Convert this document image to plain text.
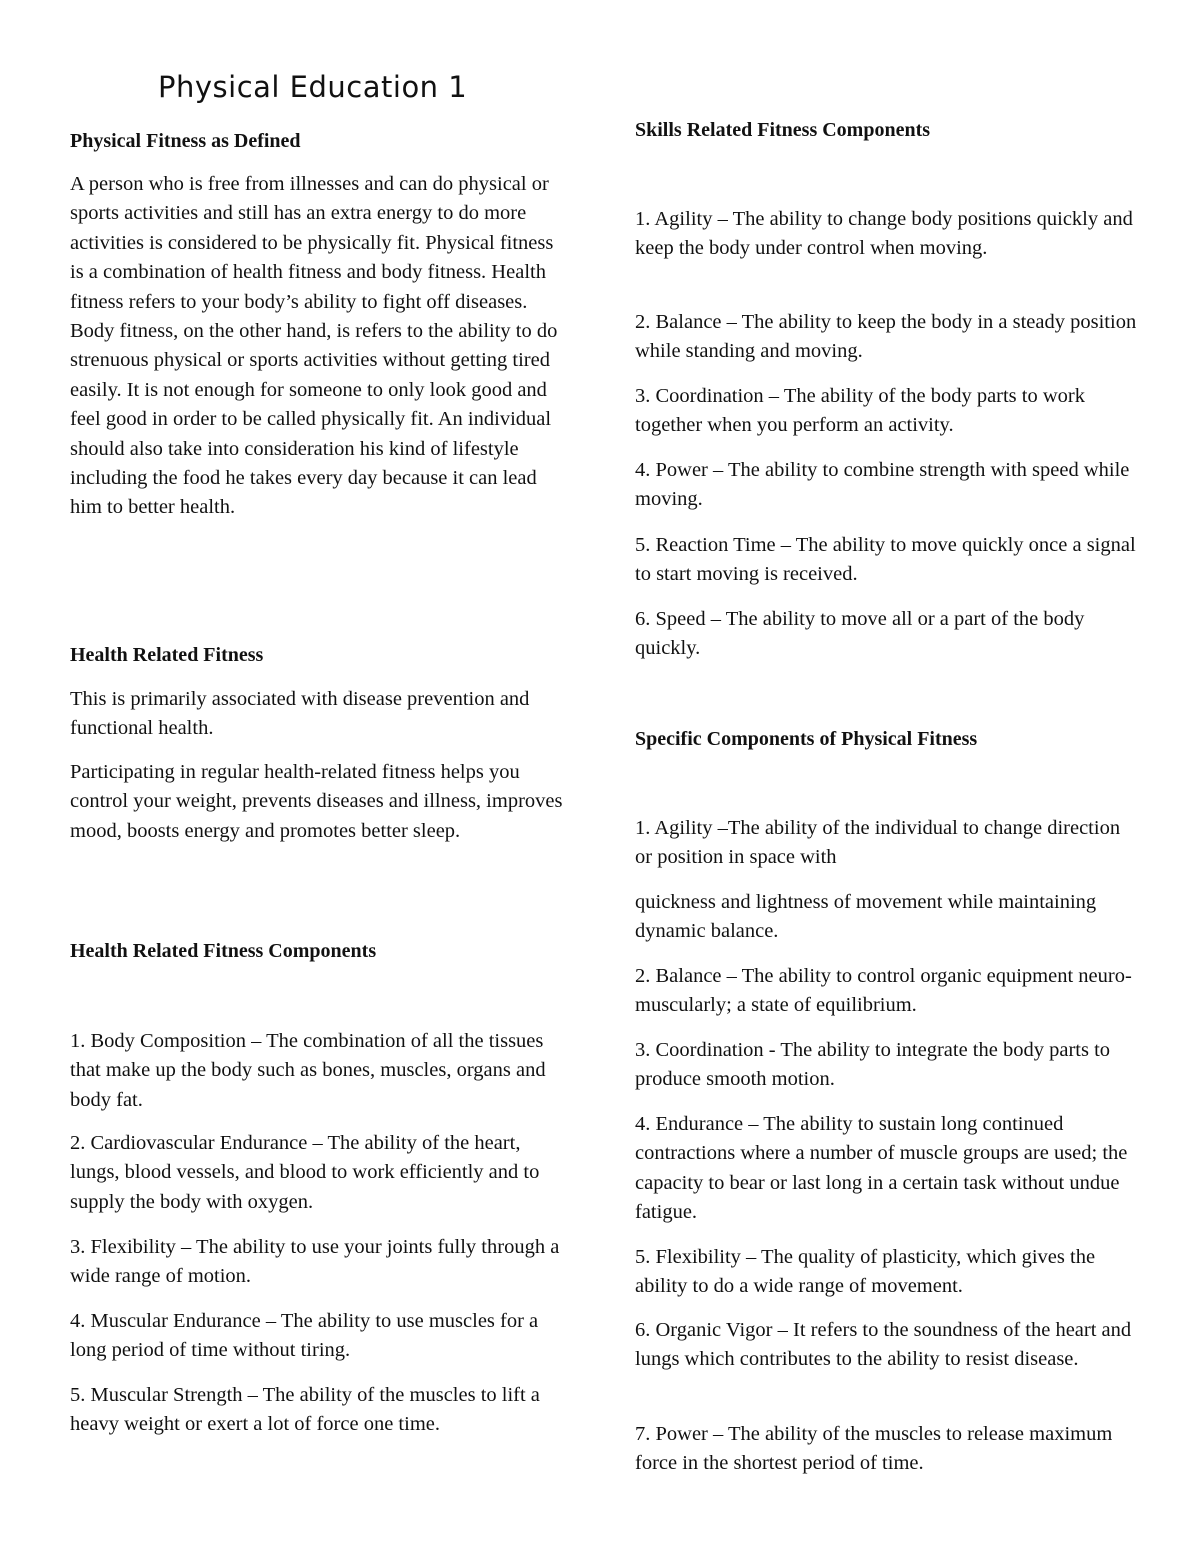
Physical Education 1
Physical Fitness as Defined

A person who is free from illnesses and can do physical or sports activities and still has an extra energy to do more activities is considered to be physically fit. Physical fitness is a combination of health fitness and body fitness. Health fitness refers to your body’s ability to fight off diseases. Body fitness, on the other hand, is refers to the ability to do strenuous physical or sports activities without getting tired easily. It is not enough for someone to only look good and feel good in order to be called physically fit. An individual should also take into consideration his kind of lifestyle including the food he takes every day because it can lead him to better health.

Health Related Fitness

This is primarily associated with disease prevention and functional health.

Participating in regular health-related fitness helps you control your weight, prevents diseases and illness, improves mood, boosts energy and promotes better sleep.

Health Related Fitness Components

1. Body Composition – The combination of all the tissues that make up the body such as bones, muscles, organs and body fat.

2. Cardiovascular Endurance – The ability of the heart, lungs, blood vessels, and blood to work efficiently and to supply the body with oxygen.

3. Flexibility – The ability to use your joints fully through a wide range of motion.

4. Muscular Endurance – The ability to use muscles for a long period of time without tiring.

5. Muscular Strength – The ability of the muscles to lift a heavy weight or exert a lot of force one time.

Skills Related Fitness Components

1. Agility – The ability to change body positions quickly and keep the body under control when moving.

2. Balance – The ability to keep the body in a steady position while standing and moving.

3. Coordination – The ability of the body parts to work together when you perform an activity.

4. Power – The ability to combine strength with speed while moving.

5. Reaction Time – The ability to move quickly once a signal to start moving is received.

6. Speed – The ability to move all or a part of the body quickly.

Specific Components of Physical Fitness

1. Agility –The ability of the individual to change direction or position in space with

quickness and lightness of movement while maintaining dynamic balance.

2. Balance – The ability to control organic equipment neuro-muscularly; a state of equilibrium.

3. Coordination - The ability to integrate the body parts to produce smooth motion.

4. Endurance – The ability to sustain long continued contractions where a number of muscle groups are used; the capacity to bear or last long in a certain task without undue fatigue.

5. Flexibility – The quality of plasticity, which gives the ability to do a wide range of movement.

6. Organic Vigor – It refers to the soundness of the heart and lungs which contributes to the ability to resist disease.

7. Power – The ability of the muscles to release maximum force in the shortest period of time.
